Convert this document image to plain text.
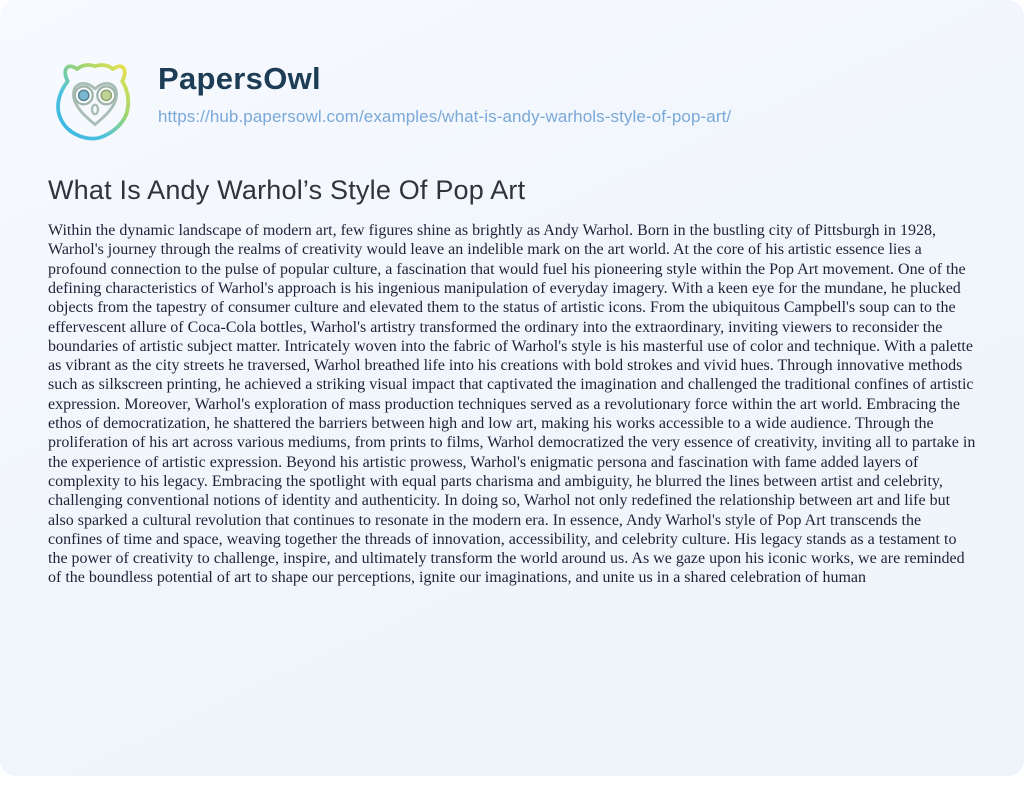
PapersOwl
https://hub.papersowl.com/examples/what-is-andy-warhols-style-of-pop-art/
What Is Andy Warhol’s Style Of Pop Art
Within the dynamic landscape of modern art, few figures shine as brightly as Andy Warhol. Born in the bustling city of Pittsburgh in 1928, Warhol's journey through the realms of creativity would leave an indelible mark on the art world. At the core of his artistic essence lies a profound connection to the pulse of popular culture, a fascination that would fuel his pioneering style within the Pop Art movement. One of the defining characteristics of Warhol's approach is his ingenious manipulation of everyday imagery. With a keen eye for the mundane, he plucked objects from the tapestry of consumer culture and elevated them to the status of artistic icons. From the ubiquitous Campbell's soup can to the effervescent allure of Coca-Cola bottles, Warhol's artistry transformed the ordinary into the extraordinary, inviting viewers to reconsider the boundaries of artistic subject matter. Intricately woven into the fabric of Warhol's style is his masterful use of color and technique. With a palette as vibrant as the city streets he traversed, Warhol breathed life into his creations with bold strokes and vivid hues. Through innovative methods such as silkscreen printing, he achieved a striking visual impact that captivated the imagination and challenged the traditional confines of artistic expression. Moreover, Warhol's exploration of mass production techniques served as a revolutionary force within the art world. Embracing the ethos of democratization, he shattered the barriers between high and low art, making his works accessible to a wide audience. Through the proliferation of his art across various mediums, from prints to films, Warhol democratized the very essence of creativity, inviting all to partake in the experience of artistic expression. Beyond his artistic prowess, Warhol's enigmatic persona and fascination with fame added layers of complexity to his legacy. Embracing the spotlight with equal parts charisma and ambiguity, he blurred the lines between artist and celebrity, challenging conventional notions of identity and authenticity. In doing so, Warhol not only redefined the relationship between art and life but also sparked a cultural revolution that continues to resonate in the modern era. In essence, Andy Warhol's style of Pop Art transcends the confines of time and space, weaving together the threads of innovation, accessibility, and celebrity culture. His legacy stands as a testament to the power of creativity to challenge, inspire, and ultimately transform the world around us. As we gaze upon his iconic works, we are reminded of the boundless potential of art to shape our perceptions, ignite our imaginations, and unite us in a shared celebration of human
